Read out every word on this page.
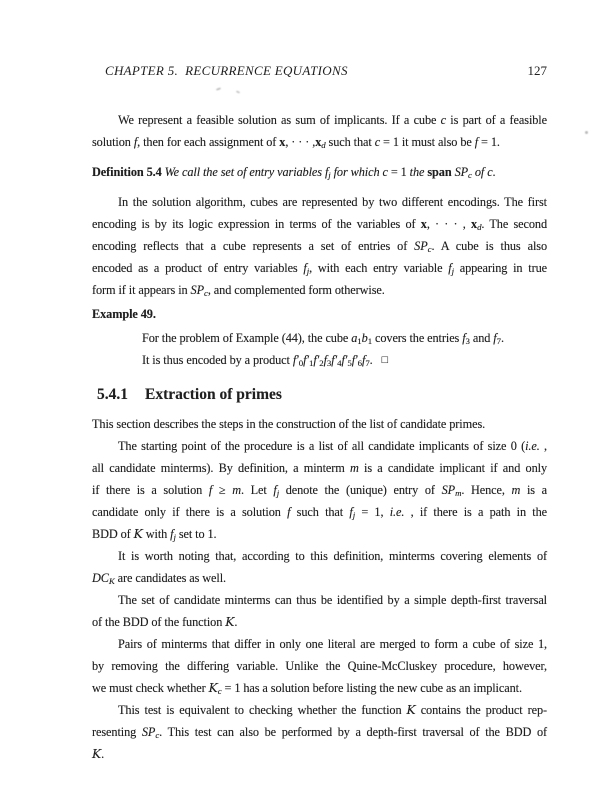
CHAPTER 5.  RECURRENCE EQUATIONS	127
We represent a feasible solution as sum of implicants. If a cube c is part of a feasible
solution f, then for each assignment of x, · · · ,xd such that c = 1 it must also be f = 1.
Definition 5.4 We call the set of entry variables fj for which c = 1 the span SPc of c.
In the solution algorithm, cubes are represented by two different encodings. The first
encoding is by its logic expression in terms of the variables of x, · · · , xd. The second
encoding reflects that a cube represents a set of entries of SPc. A cube is thus also
encoded as a product of entry variables fj, with each entry variable fj appearing in true
form if it appears in SPc, and complemented form otherwise.
Example 49.
For the problem of Example (44), the cube a1b1 covers the entries f3 and f7.
It is thus encoded by a product f′0f′1f′2f3f′4f′5f′6f7. □
5.4.1 Extraction of primes
This section describes the steps in the construction of the list of candidate primes.
The starting point of the procedure is a list of all candidate implicants of size 0 (i.e. ,
all candidate minterms). By definition, a minterm m is a candidate implicant if and only
if there is a solution f ≥ m. Let fj denote the (unique) entry of SPm. Hence, m is a
candidate only if there is a solution f such that fj = 1, i.e. , if there is a path in the
BDD of K with fj set to 1.
It is worth noting that, according to this definition, minterms covering elements of
DCK are candidates as well.
The set of candidate minterms can thus be identified by a simple depth-first traversal
of the BDD of the function K.
Pairs of minterms that differ in only one literal are merged to form a cube of size 1,
by removing the differing variable. Unlike the Quine-McCluskey procedure, however,
we must check whether Kc = 1 has a solution before listing the new cube as an implicant.
This test is equivalent to checking whether the function K contains the product rep-
resenting SPc. This test can also be performed by a depth-first traversal of the BDD of
K.
